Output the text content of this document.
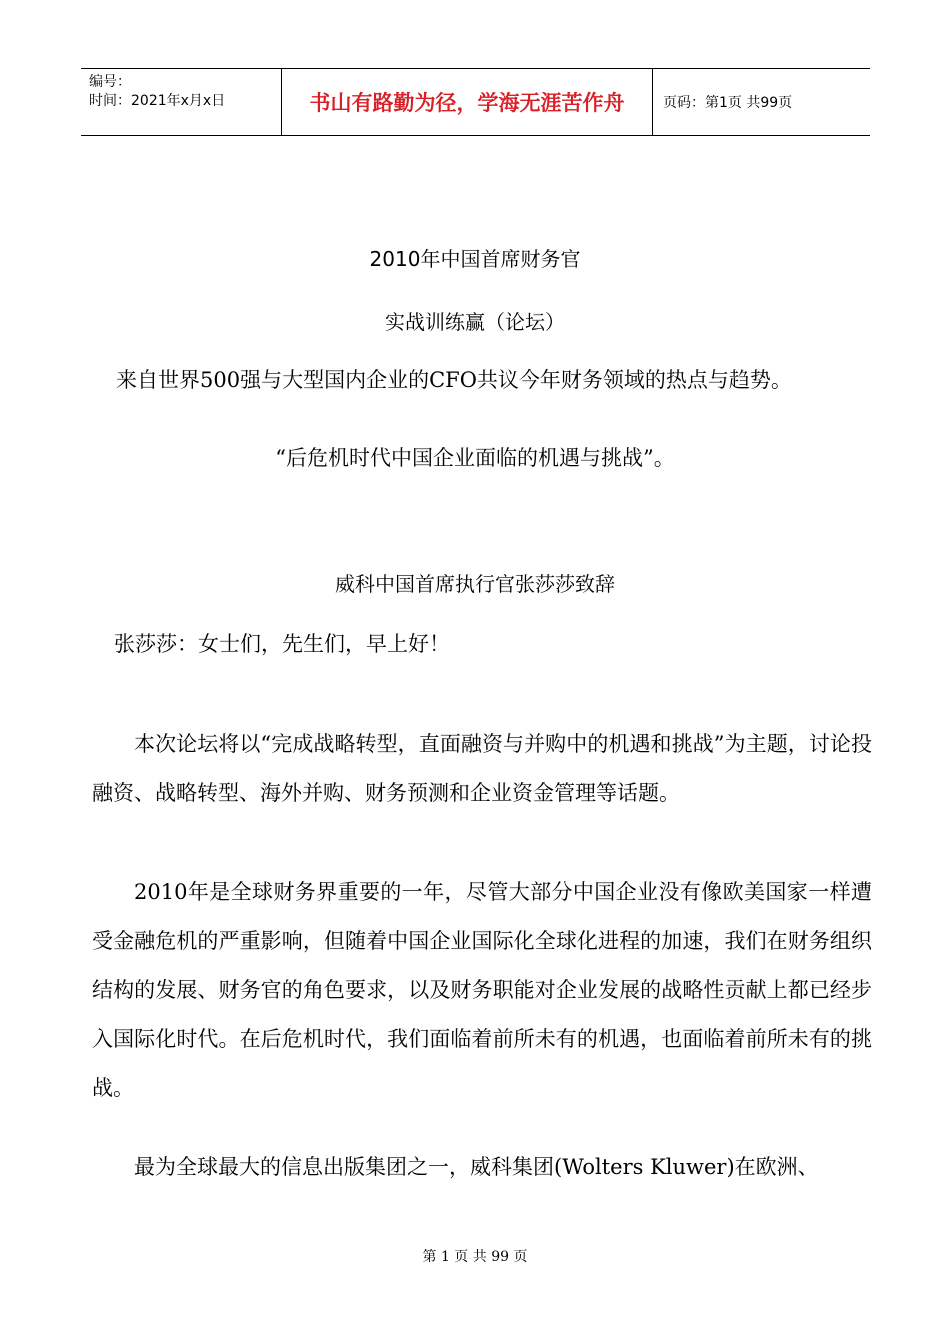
编号：
时间：2021年x月x日	书山有路勤为径，学海无涯苦作舟	页码：第1页 共99页
2010年中国首席财务官
实战训练赢（论坛）
来自世界500强与大型国内企业的CFO共议今年财务领域的热点与趋势。
“后危机时代中国企业面临的机遇与挑战”。
威科中国首席执行官张莎莎致辞
张莎莎：女士们，先生们，早上好！
本次论坛将以“完成战略转型，直面融资与并购中的机遇和挑战”为主题，讨论投融资、战略转型、海外并购、财务预测和企业资金管理等话题。
2010年是全球财务界重要的一年，尽管大部分中国企业没有像欧美国家一样遭受金融危机的严重影响，但随着中国企业国际化全球化进程的加速，我们在财务组织结构的发展、财务官的角色要求，以及财务职能对企业发展的战略性贡献上都已经步入国际化时代。在后危机时代，我们面临着前所未有的机遇，也面临着前所未有的挑战。
最为全球最大的信息出版集团之一，威科集团(Wolters Kluwer)在欧洲、
第 1 页 共 99 页
